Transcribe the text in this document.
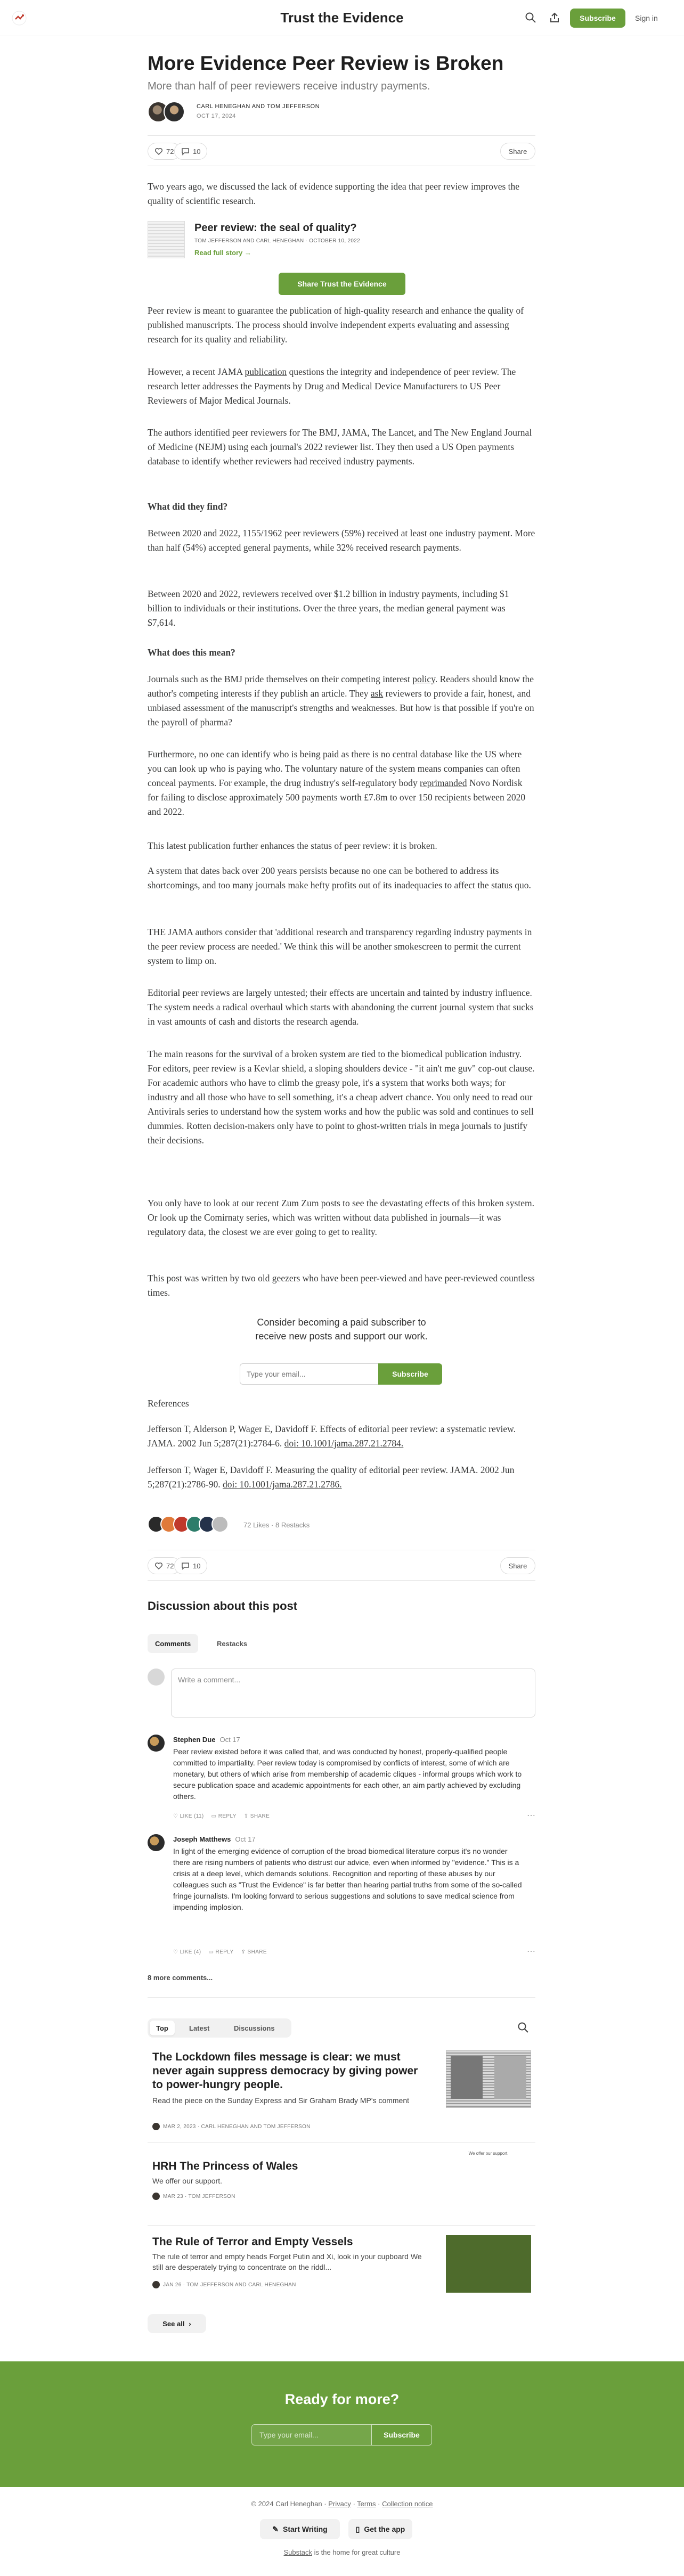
Trust the Evidence	Subscribe	Sign in
More Evidence Peer Review is Broken
More than half of peer reviewers receive industry payments.
CARL HENEGHAN AND TOM JEFFERSON
OCT 17, 2024
72	10	Share

Two years ago, we discussed the lack of evidence supporting the idea that peer review improves the quality of scientific research.

Peer review: the seal of quality?
TOM JEFFERSON AND CARL HENEGHAN · OCTOBER 10, 2022
Read full story →
Share Trust the Evidence

Peer review is meant to guarantee the publication of high-quality research and enhance the quality of published manuscripts. The process should involve independent experts evaluating and assessing research for its quality and reliability.

However, a recent JAMA publication questions the integrity and independence of peer review. The research letter addresses the Payments by Drug and Medical Device Manufacturers to US Peer Reviewers of Major Medical Journals.

The authors identified peer reviewers for The BMJ, JAMA, The Lancet, and The New England Journal of Medicine (NEJM) using each journal's 2022 reviewer list. They then used a US Open payments database to identify whether reviewers had received industry payments.

What did they find?

Between 2020 and 2022, 1155/1962 peer reviewers (59%) received at least one industry payment. More than half (54%) accepted general payments, while 32% received research payments.

Between 2020 and 2022, reviewers received over $1.2 billion in industry payments, including $1 billion to individuals or their institutions. Over the three years, the median general payment was $7,614.

What does this mean?

Journals such as the BMJ pride themselves on their competing interest policy. Readers should know the author's competing interests if they publish an article. They ask reviewers to provide a fair, honest, and unbiased assessment of the manuscript's strengths and weaknesses. But how is that possible if you're on the payroll of pharma?

Furthermore, no one can identify who is being paid as there is no central database like the US where you can look up who is paying who. The voluntary nature of the system means companies can often conceal payments. For example, the drug industry's self-regulatory body reprimanded Novo Nordisk for failing to disclose approximately 500 payments worth £7.8m to over 150 recipients between 2020 and 2022.

This latest publication further enhances the status of peer review: it is broken.

A system that dates back over 200 years persists because no one can be bothered to address its shortcomings, and too many journals make hefty profits out of its inadequacies to affect the status quo.

THE JAMA authors consider that 'additional research and transparency regarding industry payments in the peer review process are needed.' We think this will be another smokescreen to permit the current system to limp on.

Editorial peer reviews are largely untested; their effects are uncertain and tainted by industry influence. The system needs a radical overhaul which starts with abandoning the current journal system that sucks in vast amounts of cash and distorts the research agenda.

The main reasons for the survival of a broken system are tied to the biomedical publication industry. For editors, peer review is a Kevlar shield, a sloping shoulders device - "it ain't me guv" cop-out clause. For academic authors who have to climb the greasy pole, it's a system that works both ways; for industry and all those who have to sell something, it's a cheap advert chance. You only need to read our Antivirals series to understand how the system works and how the public was sold and continues to sell dummies. Rotten decision-makers only have to point to ghost-written trials in mega journals to justify their decisions.

You only have to look at our recent Zum Zum posts to see the devastating effects of this broken system. Or look up the Comirnaty series, which was written without data published in journals—it was regulatory data, the closest we are ever going to get to reality.

This post was written by two old geezers who have been peer-viewed and have peer-reviewed countless times.

Consider becoming a paid subscriber to
receive new posts and support our work.
Type your email...
Subscribe
References

Jefferson T, Alderson P, Wager E, Davidoff F. Effects of editorial peer review: a systematic review. JAMA. 2002 Jun 5;287(21):2784-6. doi: 10.1001/jama.287.21.2784.

Jefferson T, Wager E, Davidoff F. Measuring the quality of editorial peer review. JAMA. 2002 Jun 5;287(21):2786-90. doi: 10.1001/jama.287.21.2786.

72 Likes · 8 Restacks
72	10	Share
Discussion about this post
Comments	Restacks
Write a comment...
Stephen Due Oct 17
Peer review existed before it was called that, and was conducted by honest, properly-qualified people committed to impartiality. Peer review today is compromised by conflicts of interest, some of which are monetary, but others of which arise from membership of academic cliques - informal groups which work to secure publication space and academic appointments for each other, an aim partly achieved by excluding others.
♡ LIKE (11) ▭ REPLY ⇪ SHARE	⋯
Joseph Matthews Oct 17
In light of the emerging evidence of corruption of the broad biomedical literature corpus it's no wonder there are rising numbers of patients who distrust our advice, even when informed by "evidence." This is a crisis at a deep level, which demands solutions. Recognition and reporting of these abuses by our colleagues such as "Trust the Evidence" is far better than hearing partial truths from some of the so-called fringe journalists. I'm looking forward to serious suggestions and solutions to save medical science from impending implosion.
♡ LIKE (4) ▭ REPLY ⇪ SHARE	⋯
8 more comments...
Top	Latest	Discussions
The Lockdown files message is clear: we must never again suppress democracy by giving power to power-hungry people.
Read the piece on the Sunday Express and Sir Graham Brady MP's comment
MAR 2, 2023 · CARL HENEGHAN AND TOM JEFFERSON
HRH The Princess of Wales
We offer our support.
MAR 23 · TOM JEFFERSON
We offer our support.
The Rule of Terror and Empty Vessels
The rule of terror and empty heads Forget Putin and Xi, look in your cupboard We still are desperately trying to concentrate on the riddl...
JAN 26 · TOM JEFFERSON AND CARL HENEGHAN
See all ›
Ready for more?
Type your email...	Subscribe
© 2024 Carl Heneghan · Privacy · Terms · Collection notice
✎ Start Writing	▯ Get the app
Substack is the home for great culture
